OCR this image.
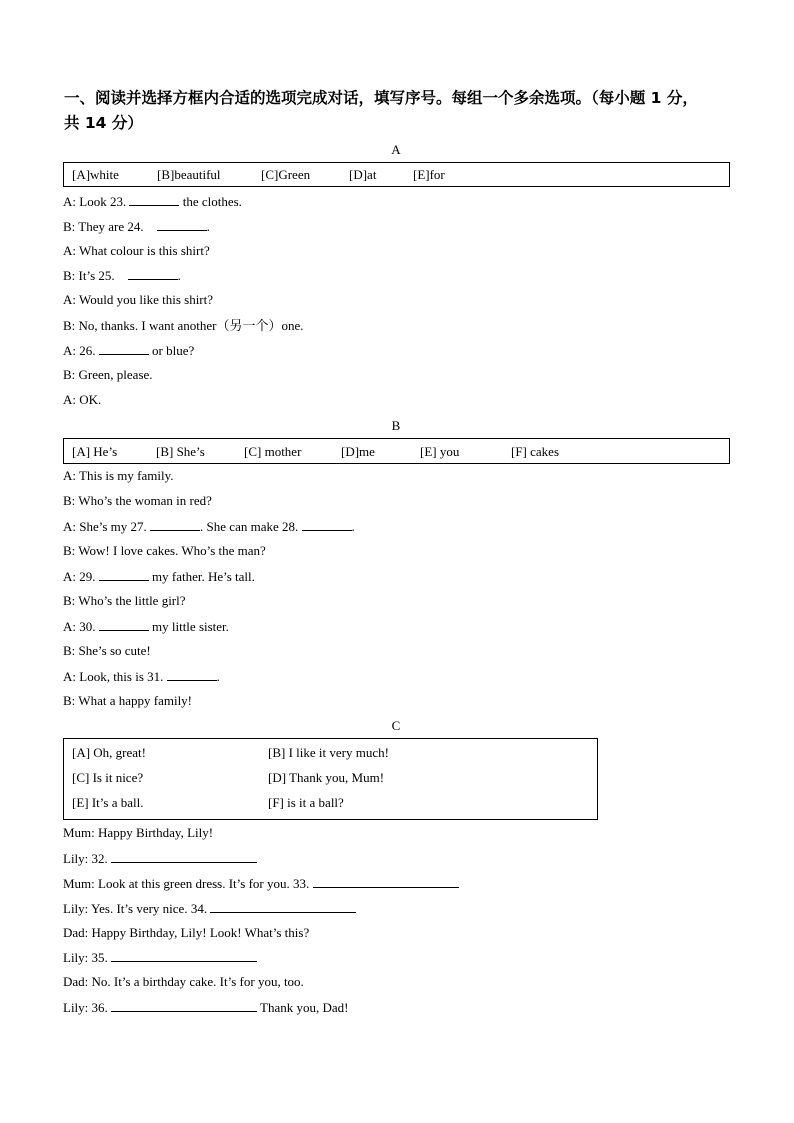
一、阅读并选择方框内合适的选项完成对话，填写序号。每组一个多余选项。（每小题 1 分，
共 14 分）
A
[A]white	[B]beautiful	[C]Green	[D]at	[E]for
A: Look 23.	the clothes.
B: They are 24.	.
A: What colour is this shirt?
B: It’s 25.	.
A: Would you like this shirt?
B: No, thanks. I want another（另一个）one.
A: 26.	or blue?
B: Green, please.
A: OK.
B
[A] He’s	[B] She’s	[C] mother	[D]me	[E] you	[F] cakes
A: This is my family.
B: Who’s the woman in red?
A: She’s my 27.	. She can make 28.	.
B: Wow! I love cakes. Who’s the man?
A: 29.	my father. He’s tall.
B: Who’s the little girl?
A: 30.	my little sister.
B: She’s so cute!
A: Look, this is 31.	.
B: What a happy family!
C
[A] Oh, great!	[B] I like it very much!
[C] Is it nice?	[D] Thank you, Mum!
[E] It’s a ball.	[F] is it a ball?
Mum: Happy Birthday, Lily!
Lily: 32.
Mum: Look at this green dress. It’s for you. 33.
Lily: Yes. It’s very nice. 34.
Dad: Happy Birthday, Lily! Look! What’s this?
Lily: 35.
Dad: No. It’s a birthday cake. It’s for you, too.
Lily: 36.	Thank you, Dad!
